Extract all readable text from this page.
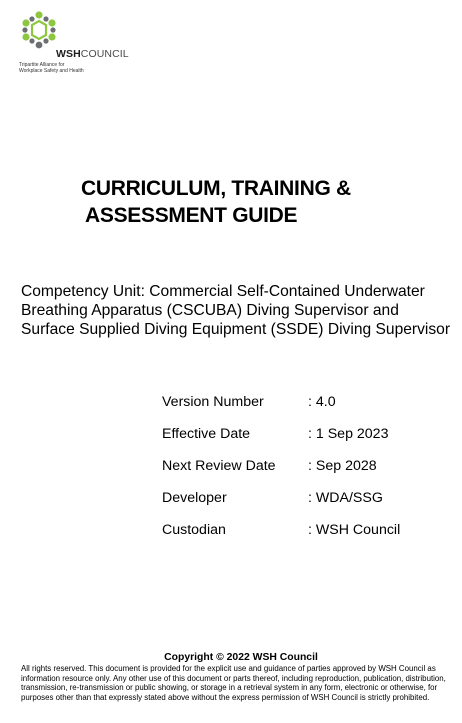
WSHCOUNCIL
Tripartite Alliance for
Workplace Safety and Health
CURRICULUM, TRAINING &
ASSESSMENT GUIDE
Competency Unit: Commercial Self-Contained Underwater Breathing Apparatus (CSCUBA) Diving Supervisor and Surface Supplied Diving Equipment (SSDE) Diving Supervisor
Version Number	: 4.0
Effective Date	: 1 Sep 2023
Next Review Date	: Sep 2028
Developer	: WDA/SSG
Custodian	: WSH Council
Copyright © 2022 WSH Council
All rights reserved. This document is provided for the explicit use and guidance of parties approved by WSH Council as information resource only. Any other use of this document or parts thereof, including reproduction, publication, distribution, transmission, re-transmission or public showing, or storage in a retrieval system in any form, electronic or otherwise, for purposes other than that expressly stated above without the express permission of WSH Council is strictly prohibited.
